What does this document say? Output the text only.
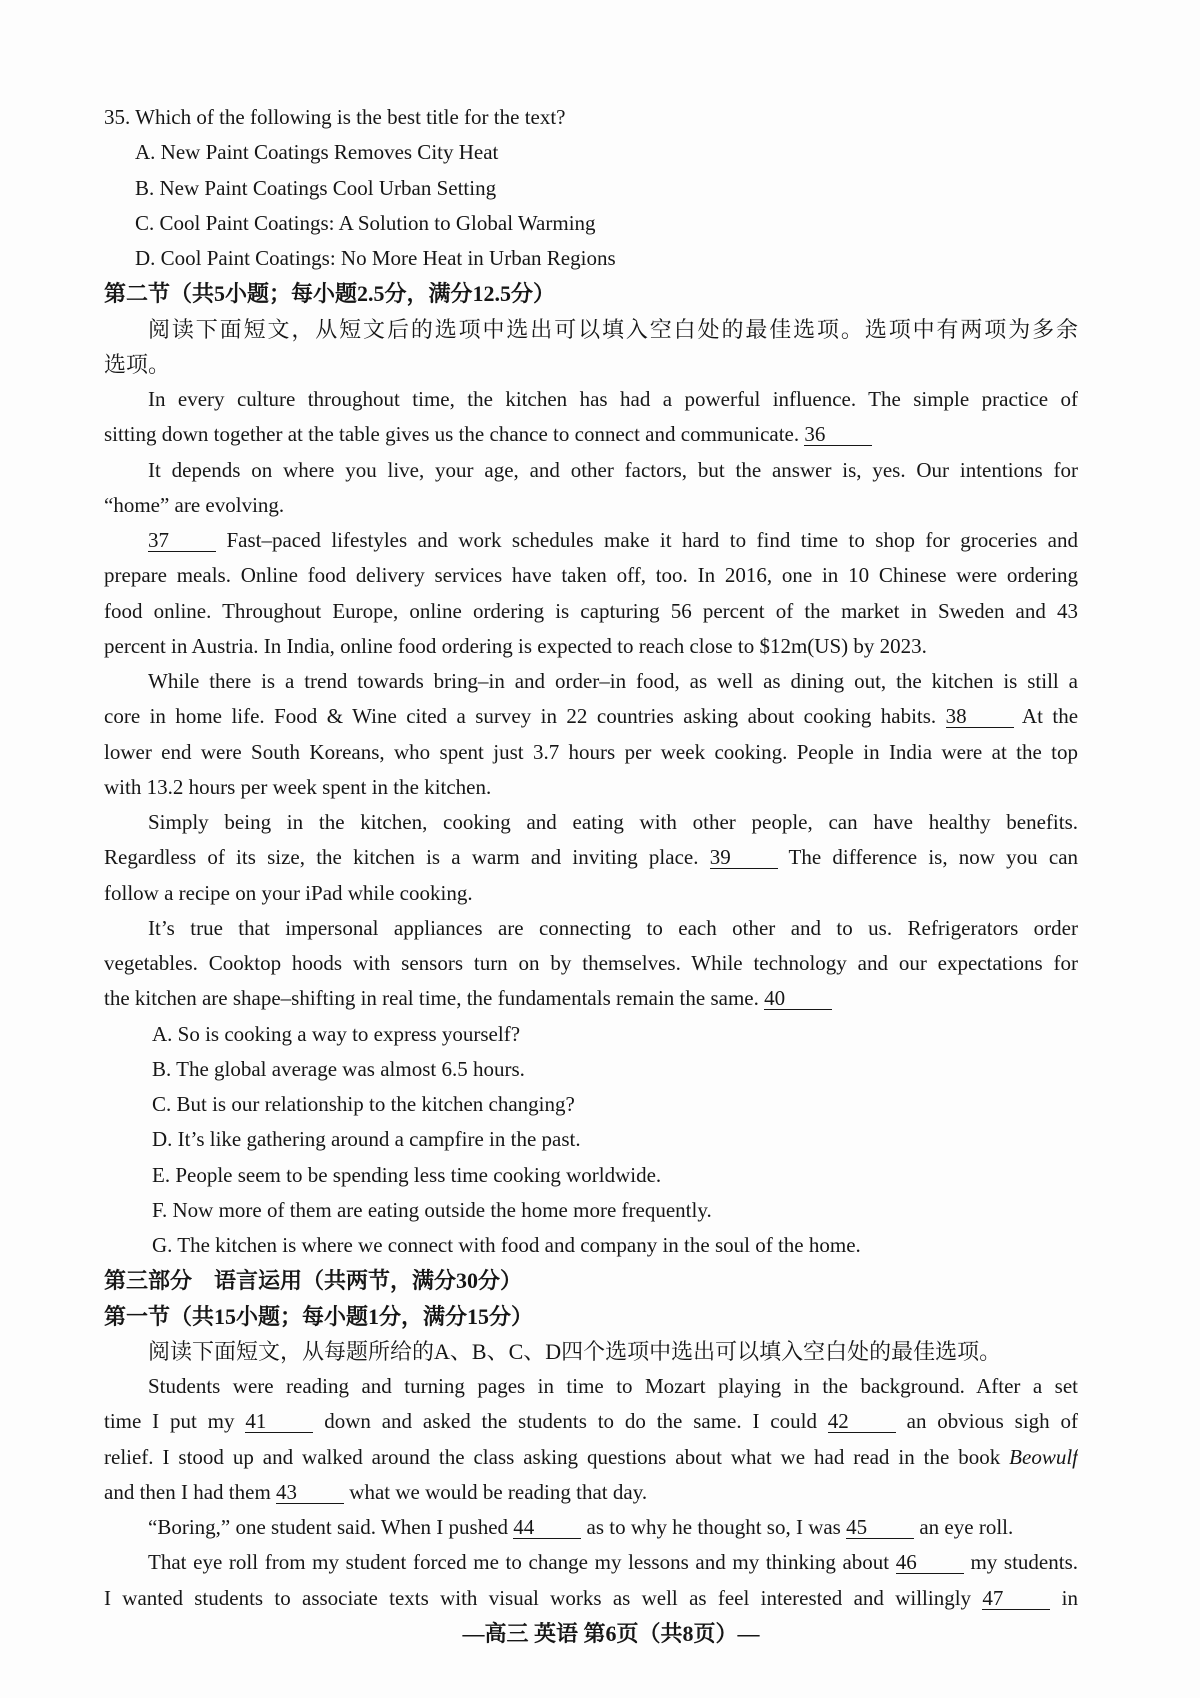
35. Which of the following is the best title for the text?
A. New Paint Coatings Removes City Heat
B. New Paint Coatings Cool Urban Setting
C. Cool Paint Coatings: A Solution to Global Warming
D. Cool Paint Coatings: No More Heat in Urban Regions
第二节（共5小题；每小题2.5分，满分12.5分）
阅读下面短文，从短文后的选项中选出可以填入空白处的最佳选项。选项中有两项为多余
选项。
In every culture throughout time, the kitchen has had a powerful influence. The simple practice of
sitting down together at the table gives us the chance to connect and communicate. 36
It depends on where you live, your age, and other factors, but the answer is, yes. Our intentions for
“home” are evolving.
37	Fast–paced lifestyles and work schedules make it hard to find time to shop for groceries and
prepare meals. Online food delivery services have taken off, too. In 2016, one in 10 Chinese were ordering
food online. Throughout Europe, online ordering is capturing 56 percent of the market in Sweden and 43
percent in Austria. In India, online food ordering is expected to reach close to $12m(US) by 2023.
While there is a trend towards bring–in and order–in food, as well as dining out, the kitchen is still a
core in home life. Food & Wine cited a survey in 22 countries asking about cooking habits. 38	At the
lower end were South Koreans, who spent just 3.7 hours per week cooking. People in India were at the top
with 13.2 hours per week spent in the kitchen.
Simply being in the kitchen, cooking and eating with other people, can have healthy benefits.
Regardless of its size, the kitchen is a warm and inviting place. 39	The difference is, now you can
follow a recipe on your iPad while cooking.
It’s true that impersonal appliances are connecting to each other and to us. Refrigerators order
vegetables. Cooktop hoods with sensors turn on by themselves. While technology and our expectations for
the kitchen are shape–shifting in real time, the fundamentals remain the same. 40
A. So is cooking a way to express yourself?
B. The global average was almost 6.5 hours.
C. But is our relationship to the kitchen changing?
D. It’s like gathering around a campfire in the past.
E. People seem to be spending less time cooking worldwide.
F. Now more of them are eating outside the home more frequently.
G. The kitchen is where we connect with food and company in the soul of the home.
第三部分　语言运用（共两节，满分30分）
第一节（共15小题；每小题1分，满分15分）
阅读下面短文，从每题所给的A、B、C、D四个选项中选出可以填入空白处的最佳选项。
Students were reading and turning pages in time to Mozart playing in the background. After a set
time I put my 41	down and asked the students to do the same. I could 42	an obvious sigh of
relief. I stood up and walked around the class asking questions about what we had read in the book Beowulf
and then I had them 43 what we would be reading that day.
“Boring,” one student said. When I pushed 44 as to why he thought so, I was 45 an eye roll.
That eye roll from my student forced me to change my lessons and my thinking about 46	my students.
I wanted students to associate texts with visual works as well as feel interested and willingly 47	in
—高三 英语 第6页（共8页）—
